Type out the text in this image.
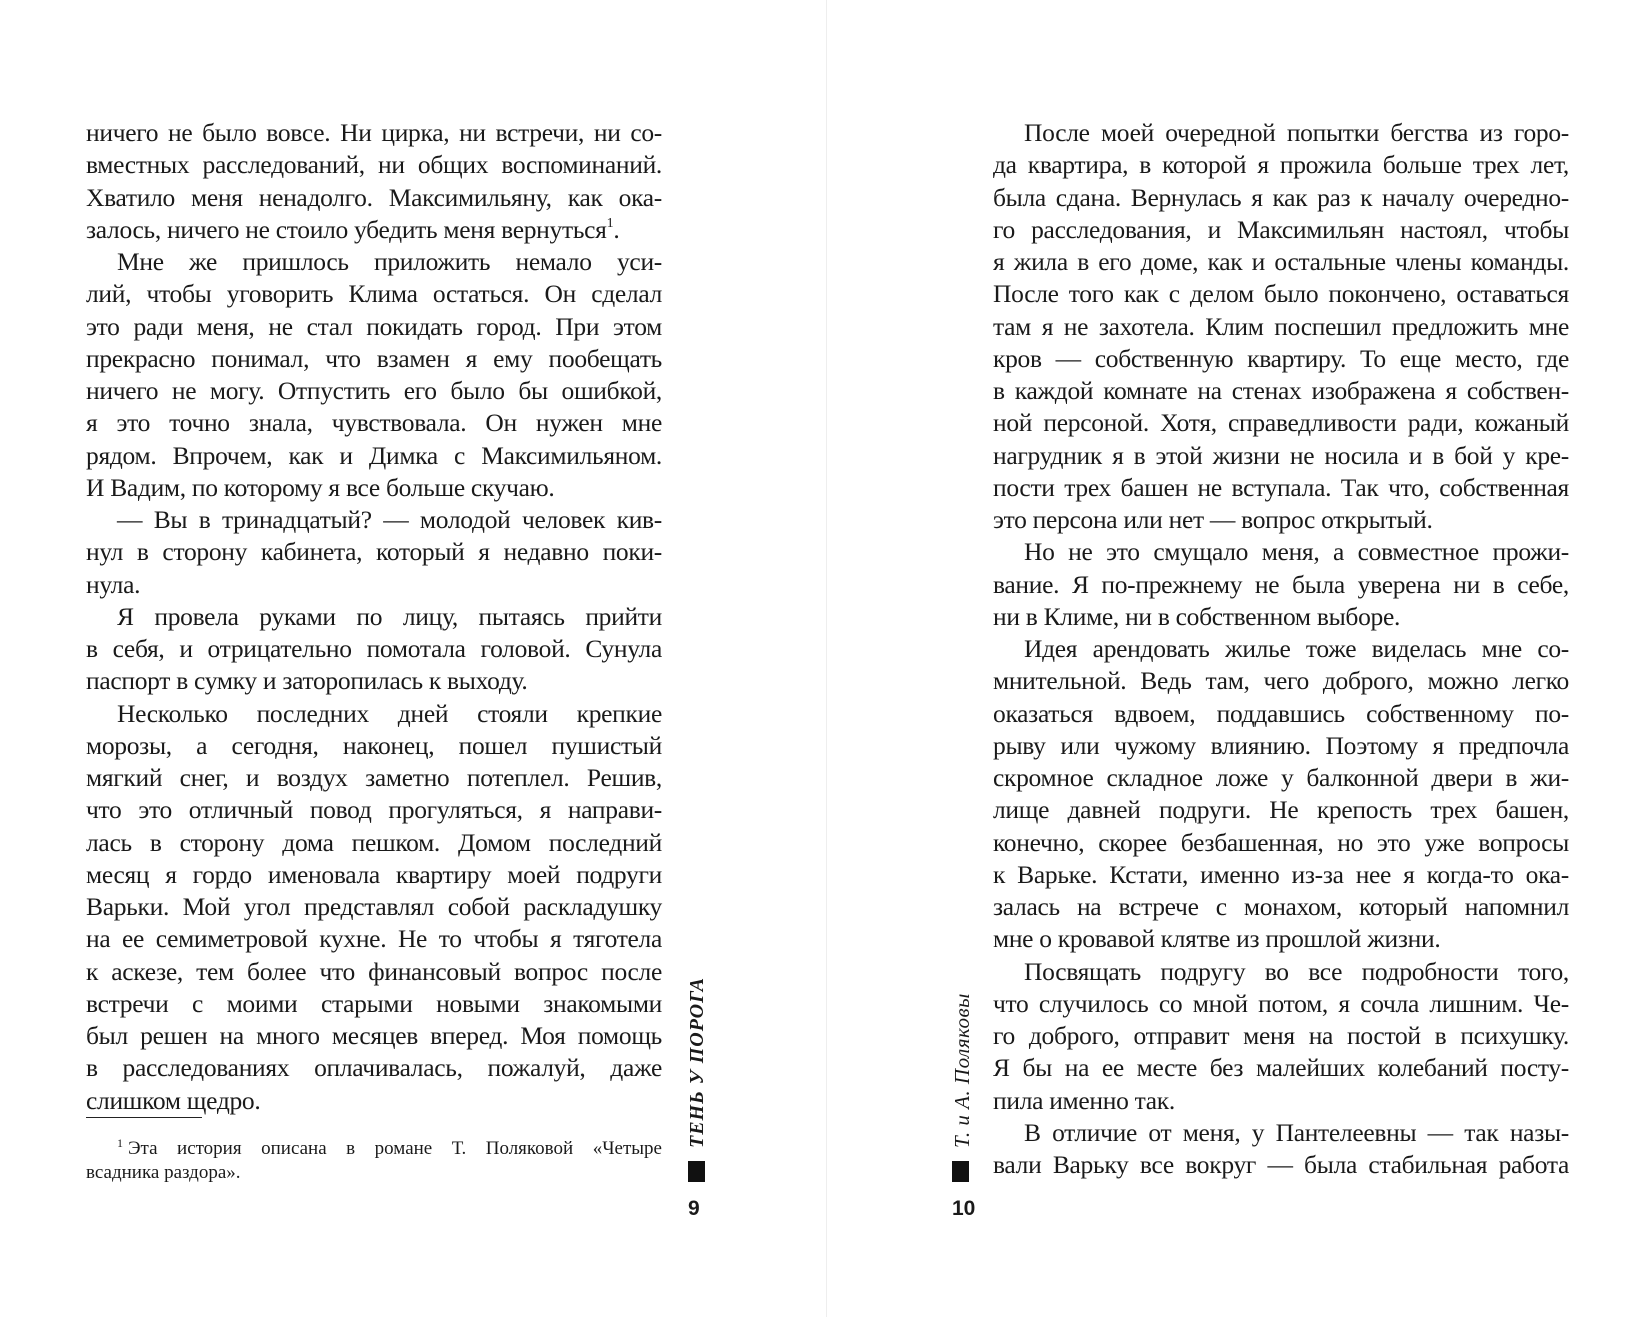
ничего не было вовсе. Ни цирка, ни встречи, ни со-
вместных расследований, ни общих воспоминаний.
Хватило меня ненадолго. Максимильяну, как ока-
залось, ничего не стоило убедить меня вернуться$^1$.
Мне же пришлось приложить немало уси-
лий, чтобы уговорить Клима остаться. Он сделал
это ради меня, не стал покидать город. При этом
прекрасно понимал, что взамен я ему пообещать
ничего не могу. Отпустить его было бы ошибкой,
я это точно знала, чувствовала. Он нужен мне
рядом. Впрочем, как и Димка с Максимильяном.
И Вадим, по которому я все больше скучаю.
— Вы в тринадцатый? — молодой человек кив-
нул в сторону кабинета, который я недавно поки-
нула.
Я провела руками по лицу, пытаясь прийти
в себя, и отрицательно помотала головой. Сунула
паспорт в сумку и заторопилась к выходу.
Несколько последних дней стояли крепкие
морозы, а сегодня, наконец, пошел пушистый
мягкий снег, и воздух заметно потеплел. Решив,
что это отличный повод прогуляться, я направи-
лась в сторону дома пешком. Домом последний
месяц я гордо именовала квартиру моей подруги
Варьки. Мой угол представлял собой раскладушку
на ее семиметровой кухне. Не то чтобы я тяготела
к аскезе, тем более что финансовый вопрос после
встречи с моими старыми новыми знакомыми
был решен на много месяцев вперед. Моя помощь
в расследованиях оплачивалась, пожалуй, даже
слишком щедро.
После моей очередной попытки бегства из горо-
да квартира, в которой я прожила больше трех лет,
была сдана. Вернулась я как раз к началу очередно-
го расследования, и Максимильян настоял, чтобы
я жила в его доме, как и остальные члены команды.
После того как с делом было покончено, оставаться
там я не захотела. Клим поспешил предложить мне
кров — собственную квартиру. То еще место, где
в каждой комнате на стенах изображена я собствен-
ной персоной. Хотя, справедливости ради, кожаный
нагрудник я в этой жизни не носила и в бой у кре-
пости трех башен не вступала. Так что, собственная
это персона или нет — вопрос открытый.
Но не это смущало меня, а совместное прожи-
вание. Я по-прежнему не была уверена ни в себе,
ни в Климе, ни в собственном выборе.
Идея арендовать жилье тоже виделась мне со-
мнительной. Ведь там, чего доброго, можно легко
оказаться вдвоем, поддавшись собственному по-
рыву или чужому влиянию. Поэтому я предпочла
скромное складное ложе у балконной двери в жи-
лище давней подруги. Не крепость трех башен,
конечно, скорее безбашенная, но это уже вопросы
к Варьке. Кстати, именно из-за нее я когда-то ока-
залась на встрече с монахом, который напомнил
мне о кровавой клятве из прошлой жизни.
Посвящать подругу во все подробности того,
что случилось со мной потом, я сочла лишним. Че-
го доброго, отправит меня на постой в психушку.
Я бы на ее месте без малейших колебаний посту-
пила именно так.
В отличие от меня, у Пантелеевны — так назы-
вали Варьку все вокруг — была стабильная работа
$^1$ Эта история описана в романе Т. Поляковой «Четыре
всадника раздора».
ТЕНЬ У ПОРОГА
9
Т. и А. Поляковы
10
